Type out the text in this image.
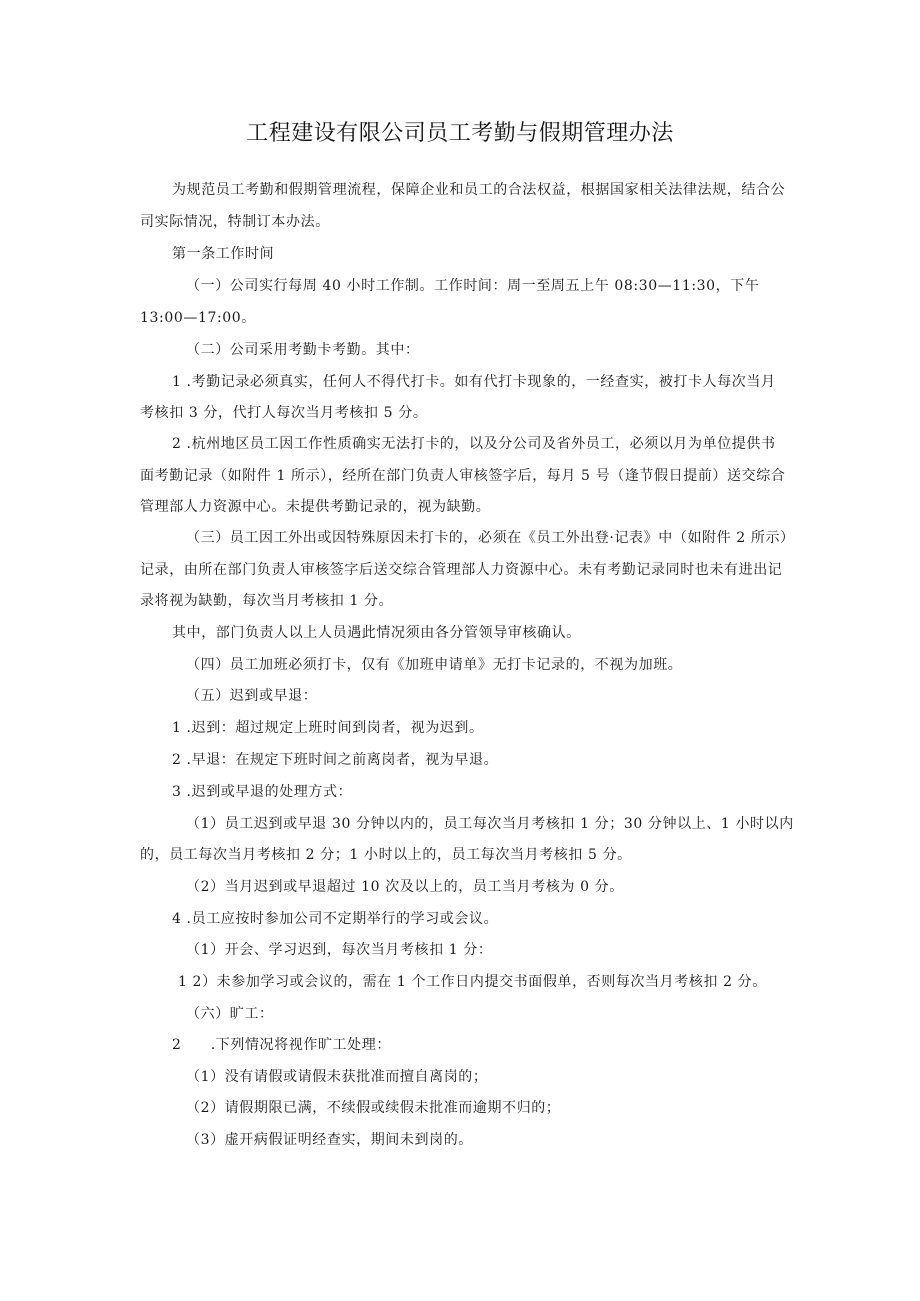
工程建设有限公司员工考勤与假期管理办法
为规范员工考勤和假期管理流程，保障企业和员工的合法权益，根据国家相关法律法规，结合公
司实际情况，特制订本办法。
第一条工作时间
（一）公司实行每周 40 小时工作制。工作时间：周一至周五上午 08:30—11:30，下午
13:00—17:00。
（二）公司采用考勤卡考勤。其中：
1 .考勤记录必须真实，任何人不得代打卡。如有代打卡现象的，一经查实，被打卡人每次当月
考核扣 3 分，代打人每次当月考核扣 5 分。
2 .杭州地区员工因工作性质确实无法打卡的，以及分公司及省外员工，必须以月为单位提供书
面考勤记录（如附件 1 所示），经所在部门负责人审核签字后，每月 5 号（逢节假日提前）送交综合
管理部人力资源中心。未提供考勤记录的，视为缺勤。
（三）员工因工外出或因特殊原因未打卡的，必须在《员工外出登·记表》中（如附件 2 所示）
记录，由所在部门负责人审核签字后送交综合管理部人力资源中心。未有考勤记录同时也未有进出记
录将视为缺勤，每次当月考核扣 1 分。
其中，部门负责人以上人员遇此情况须由各分管领导审核确认。
（四）员工加班必须打卡，仅有《加班申请单》无打卡记录的，不视为加班。
（五）迟到或早退：
1 .迟到：超过规定上班时间到岗者，视为迟到。
2 .早退：在规定下班时间之前离岗者，视为早退。
3 .迟到或早退的处理方式：
（1）员工迟到或早退 30 分钟以内的，员工每次当月考核扣 1 分；30 分钟以上、1 小时以内
的，员工每次当月考核扣 2 分；1 小时以上的，员工每次当月考核扣 5 分。
（2）当月迟到或早退超过 10 次及以上的，员工当月考核为 0 分。
4 .员工应按时参加公司不定期举行的学习或会议。
（1）开会、学习迟到，每次当月考核扣 1 分：
1 2）未参加学习或会议的，需在 1 个工作日内提交书面假单，否则每次当月考核扣 2 分。
（六）旷工：
2　　.下列情况将视作旷工处理：
（1）没有请假或请假未获批准而擅自离岗的；
（2）请假期限已满，不续假或续假未批准而逾期不归的；
（3）虚开病假证明经查实，期间未到岗的。
